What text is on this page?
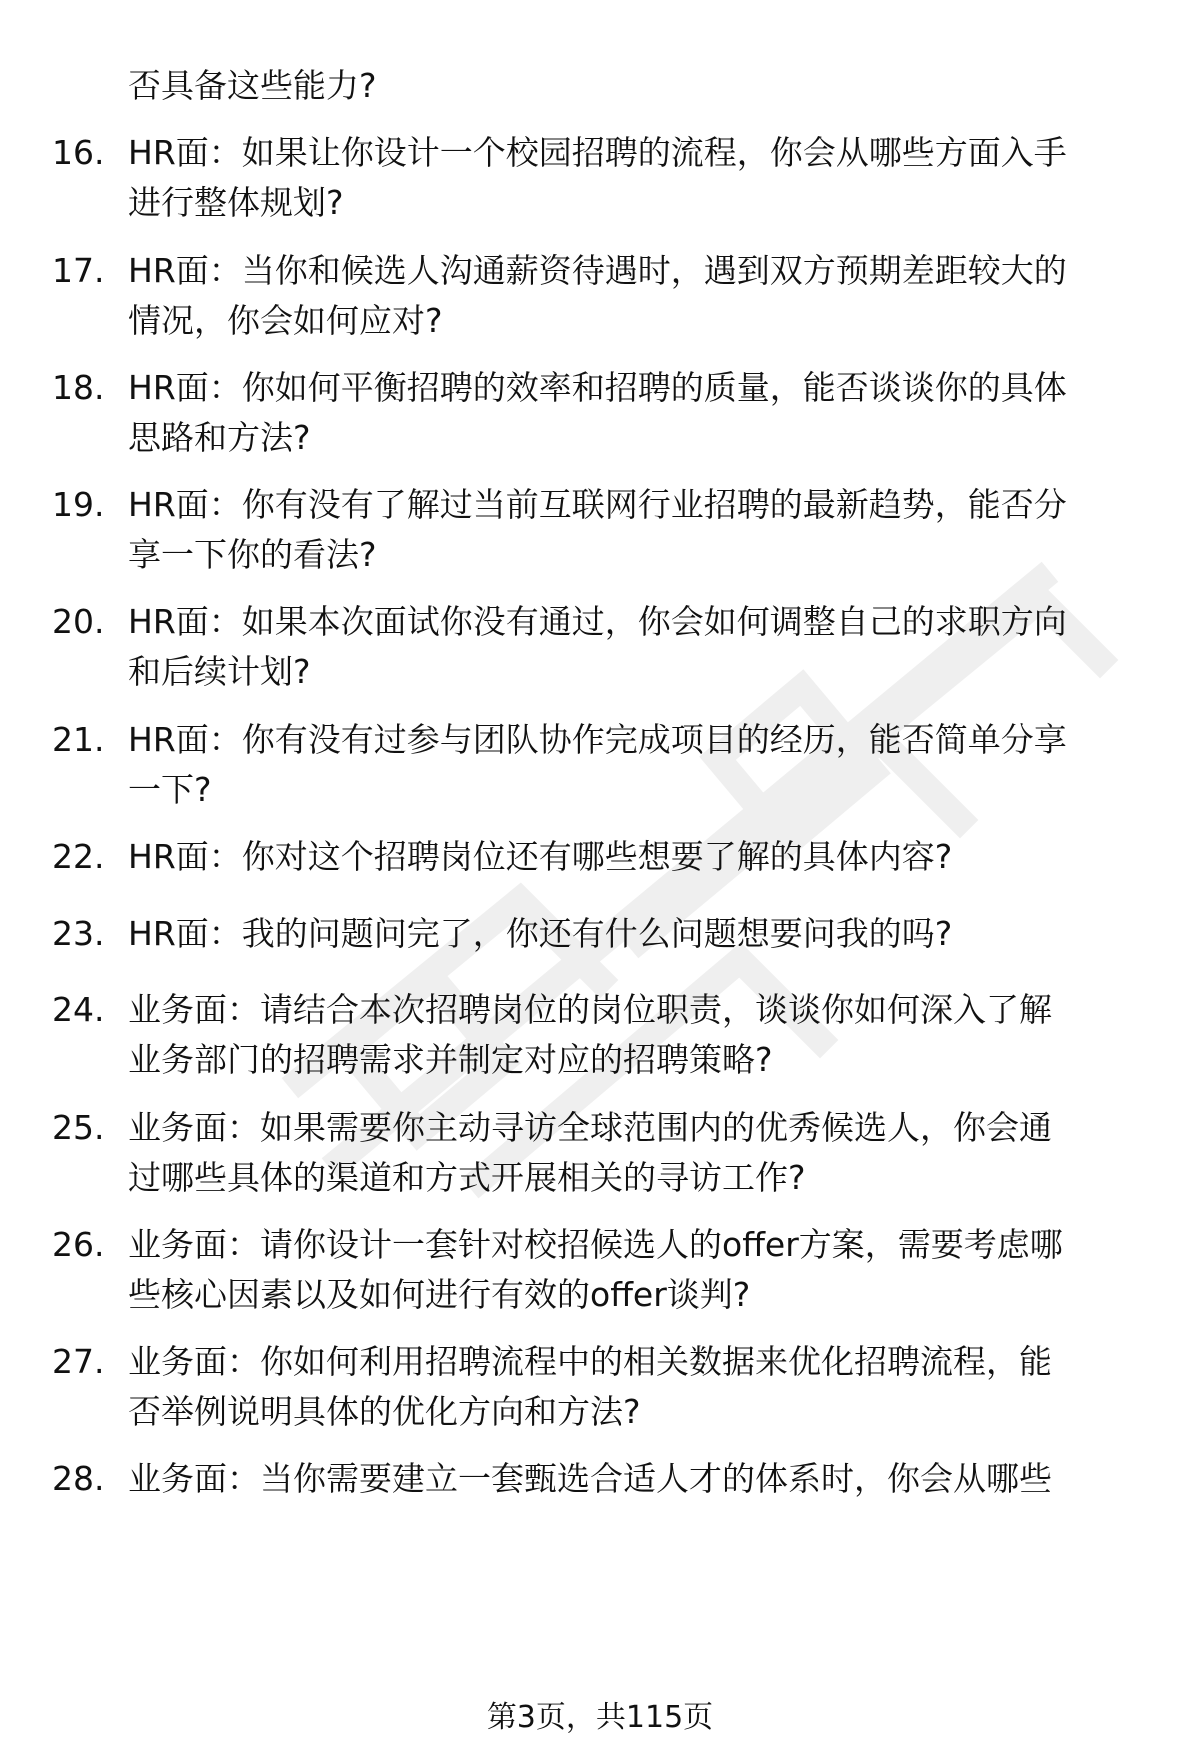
否具备这些能力?
16. HR面：如果让你设计一个校园招聘的流程，你会从哪些方面入手
进行整体规划?
17. HR面：当你和候选人沟通薪资待遇时，遇到双方预期差距较大的
情况，你会如何应对?
18. HR面：你如何平衡招聘的效率和招聘的质量，能否谈谈你的具体
思路和方法?
19. HR面：你有没有了解过当前互联网行业招聘的最新趋势，能否分
享一下你的看法?
20. HR面：如果本次面试你没有通过，你会如何调整自己的求职方向
和后续计划?
21. HR面：你有没有过参与团队协作完成项目的经历，能否简单分享
一下?
22. HR面：你对这个招聘岗位还有哪些想要了解的具体内容?
23. HR面：我的问题问完了，你还有什么问题想要问我的吗?
24. 业务面：请结合本次招聘岗位的岗位职责，谈谈你如何深入了解
业务部门的招聘需求并制定对应的招聘策略?
25. 业务面：如果需要你主动寻访全球范围内的优秀候选人，你会通
过哪些具体的渠道和方式开展相关的寻访工作?
26. 业务面：请你设计一套针对校招候选人的offer方案，需要考虑哪
些核心因素以及如何进行有效的offer谈判?
27. 业务面：你如何利用招聘流程中的相关数据来优化招聘流程，能
否举例说明具体的优化方向和方法?
28. 业务面：当你需要建立一套甄选合适人才的体系时，你会从哪些
第3页，共115页
